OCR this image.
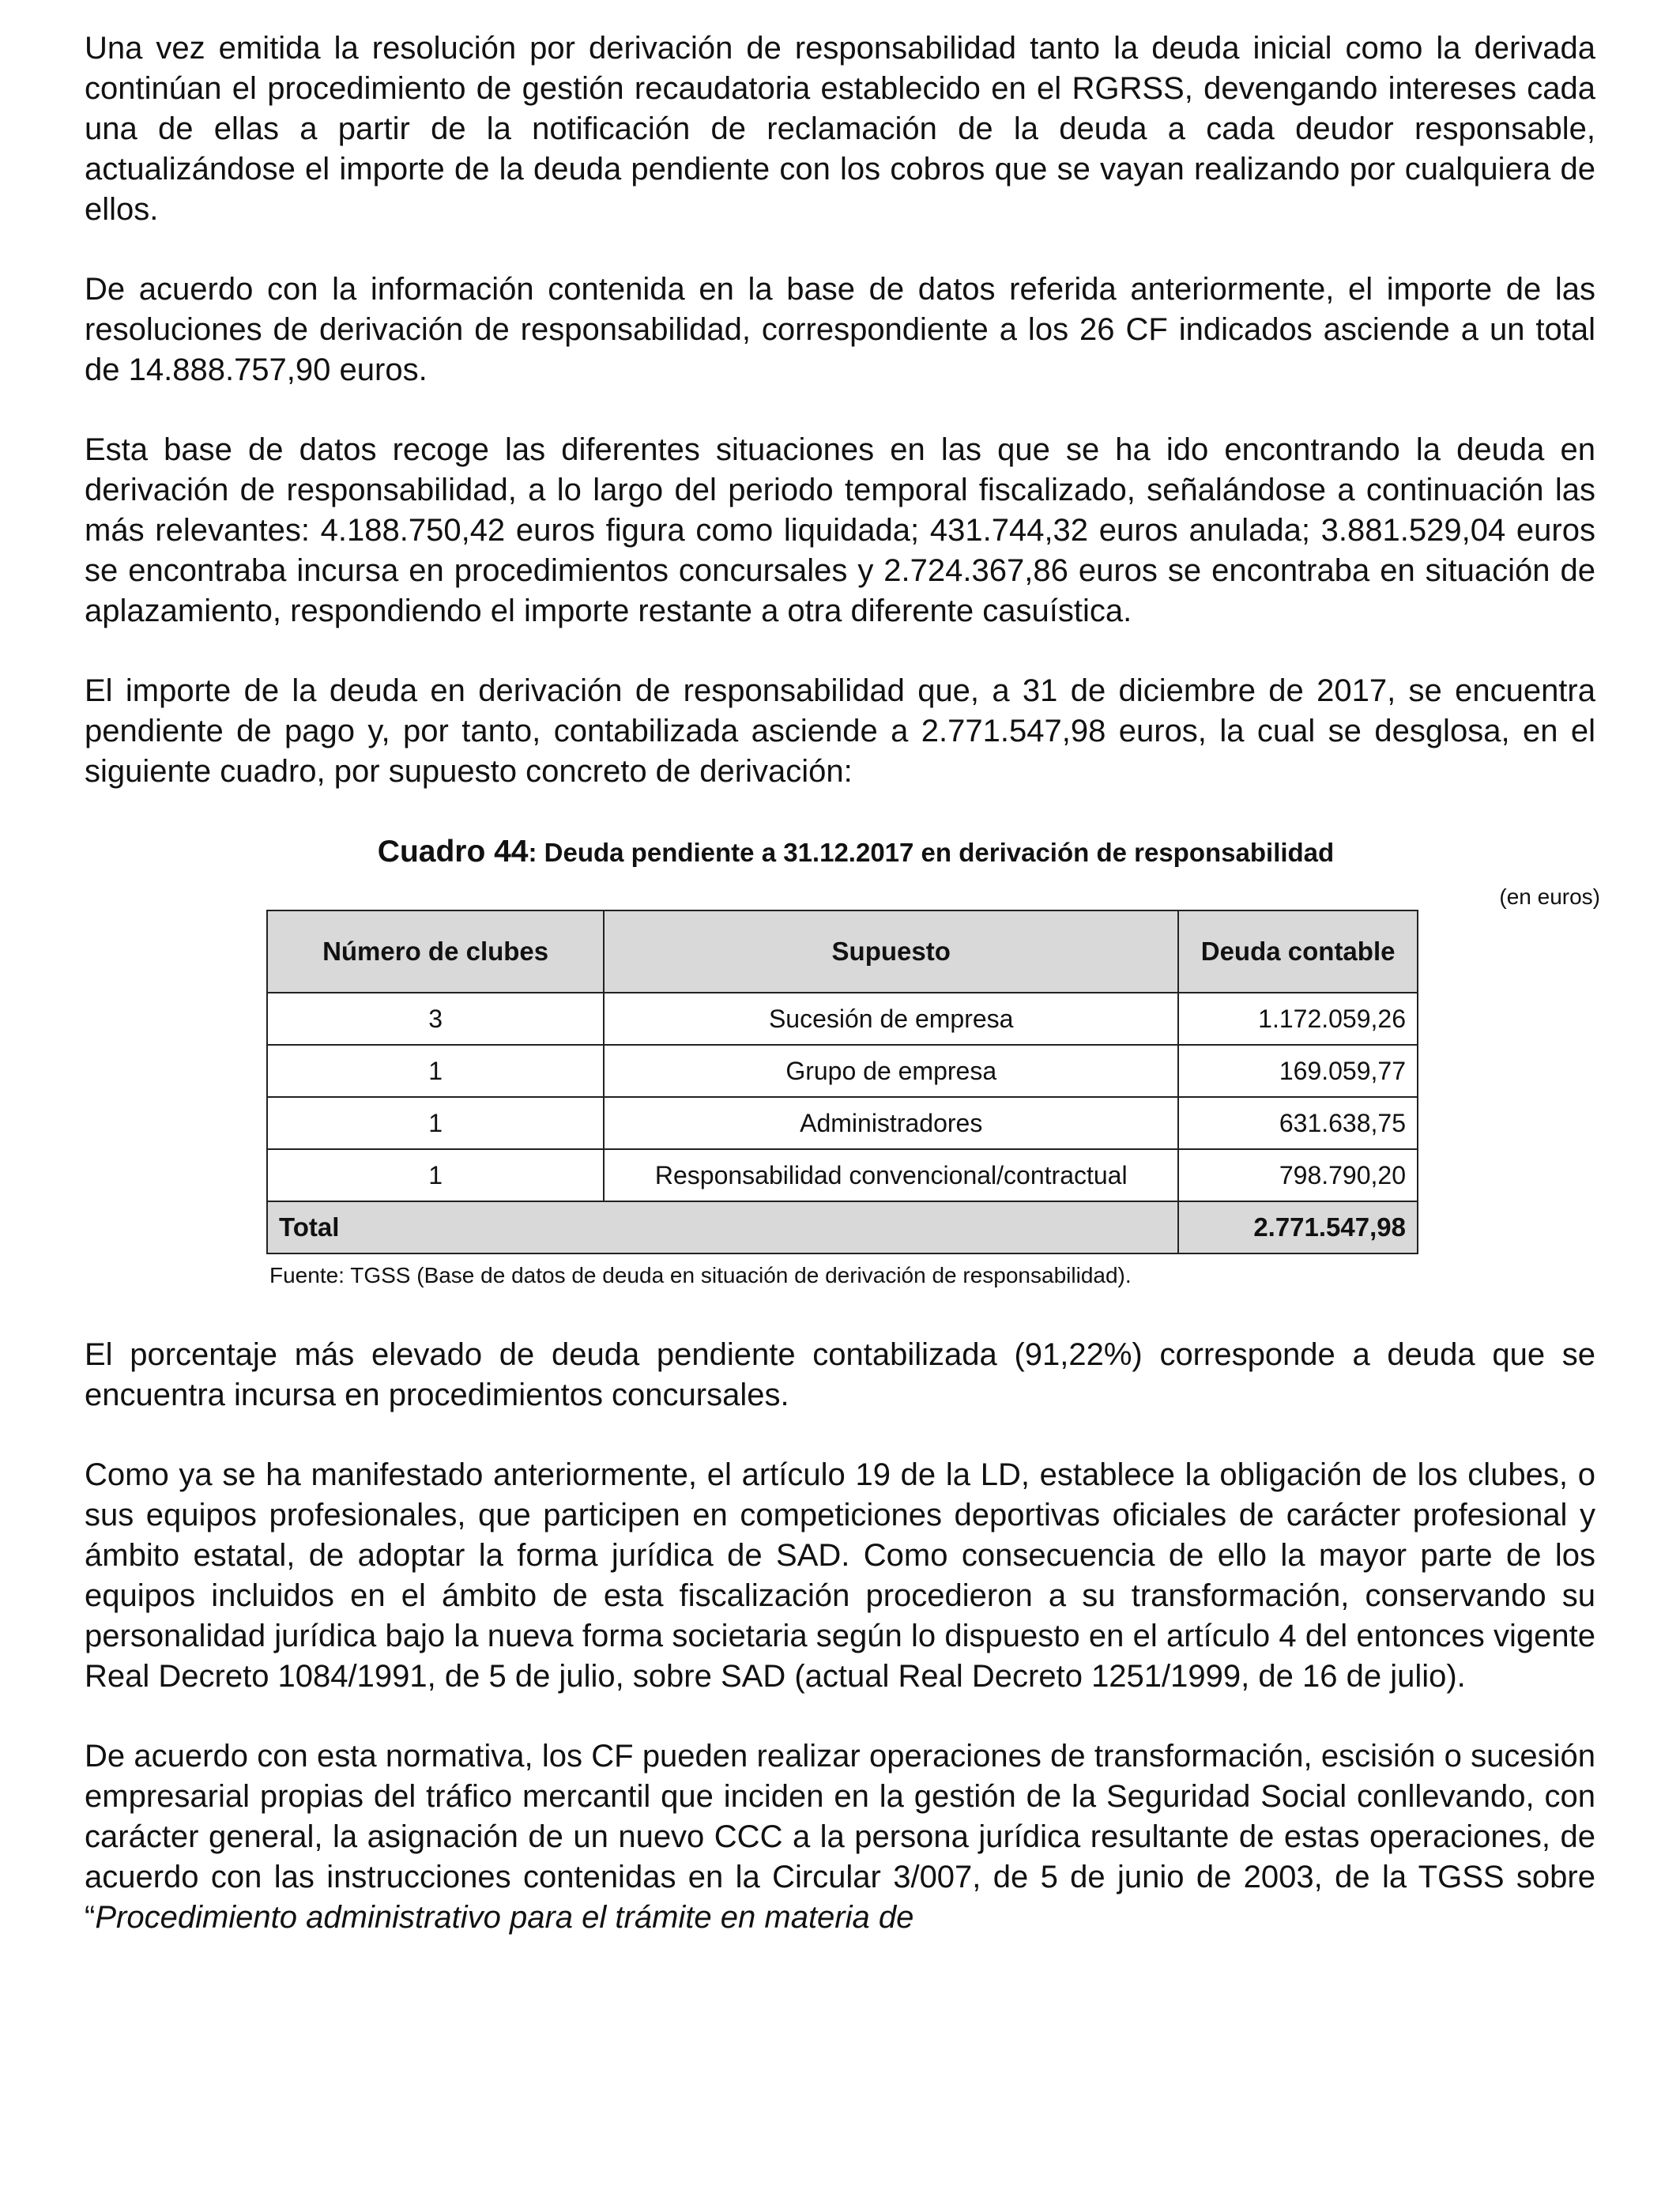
Una vez emitida la resolución por derivación de responsabilidad tanto la deuda inicial como la derivada continúan el procedimiento de gestión recaudatoria establecido en el RGRSS, devengando intereses cada una de ellas a partir de la notificación de reclamación de la deuda a cada deudor responsable, actualizándose el importe de la deuda pendiente con los cobros que se vayan realizando por cualquiera de ellos.

De acuerdo con la información contenida en la base de datos referida anteriormente, el importe de las resoluciones de derivación de responsabilidad, correspondiente a los 26 CF indicados asciende a un total de 14.888.757,90 euros.

Esta base de datos recoge las diferentes situaciones en las que se ha ido encontrando la deuda en derivación de responsabilidad, a lo largo del periodo temporal fiscalizado, señalándose a continuación las más relevantes: 4.188.750,42 euros figura como liquidada; 431.744,32 euros anulada; 3.881.529,04 euros se encontraba incursa en procedimientos concursales y 2.724.367,86 euros se encontraba en situación de aplazamiento, respondiendo el importe restante a otra diferente casuística.

El importe de la deuda en derivación de responsabilidad que, a 31 de diciembre de 2017, se encuentra pendiente de pago y, por tanto, contabilizada asciende a 2.771.547,98 euros, la cual se desglosa, en el siguiente cuadro, por supuesto concreto de derivación:

Cuadro 44: Deuda pendiente a 31.12.2017 en derivación de responsabilidad

(en euros)
Número de clubes	Supuesto	Deuda contable
3	Sucesión de empresa	1.172.059,26
1	Grupo de empresa	169.059,77
1	Administradores	631.638,75
1	Responsabilidad convencional/contractual	798.790,20
Total		2.771.547,98
Fuente: TGSS (Base de datos de deuda en situación de derivación de responsabilidad).

El porcentaje más elevado de deuda pendiente contabilizada (91,22%) corresponde a deuda que se encuentra incursa en procedimientos concursales.

Como ya se ha manifestado anteriormente, el artículo 19 de la LD, establece la obligación de los clubes, o sus equipos profesionales, que participen en competiciones deportivas oficiales de carácter profesional y ámbito estatal, de adoptar la forma jurídica de SAD. Como consecuencia de ello la mayor parte de los equipos incluidos en el ámbito de esta fiscalización procedieron a su transformación, conservando su personalidad jurídica bajo la nueva forma societaria según lo dispuesto en el artículo 4 del entonces vigente Real Decreto 1084/1991, de 5 de julio, sobre SAD (actual Real Decreto 1251/1999, de 16 de julio).

De acuerdo con esta normativa, los CF pueden realizar operaciones de transformación, escisión o sucesión empresarial propias del tráfico mercantil que inciden en la gestión de la Seguridad Social conllevando, con carácter general, la asignación de un nuevo CCC a la persona jurídica resultante de estas operaciones, de acuerdo con las instrucciones contenidas en la Circular 3/007, de 5 de junio de 2003, de la TGSS sobre “Procedimiento administrativo para el trámite en materia de
